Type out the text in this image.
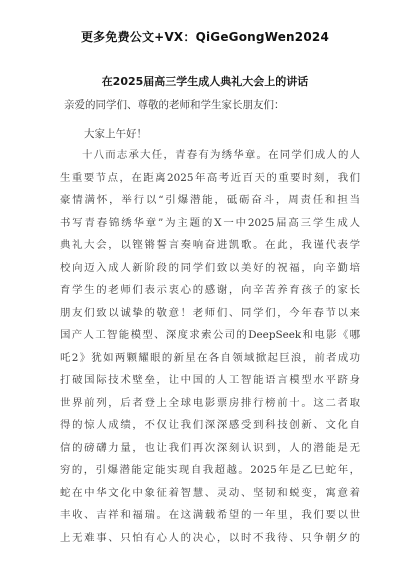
更多免费公文+VX：QiGeGongWen2024
在2025届高三学生成人典礼大会上的讲话
亲爱的同学们、尊敬的老师和学生家长朋友们：
大家上午好！
十八而志承大任，青春有为绣华章。在同学们成人的人
生重要节点，在距离2025年高考近百天的重要时刻，我们
豪情满怀，举行以“引爆潜能，砥砺奋斗，周责任和担当
书写青春锦绣华章”为主题的X一中2025届高三学生成人
典礼大会，以铿锵誓言奏响奋进凯歌。在此，我谨代表学
校向迈入成人新阶段的同学们致以美好的祝福，向辛勤培
育学生的老师们表示衷心的感谢，向辛苦养育孩子的家长
朋友们致以诚挚的敬意！老师们、同学们，今年春节以来
国产人工智能模型、深度求索公司的DeepSeek和电影《哪
吒2》犹如两颗耀眼的新星在各自领域掀起巨浪，前者成功
打破国际技术壁垒，让中国的人工智能语言模型水平跻身
世界前列，后者登上全球电影票房排行榜前十。这二者取
得的惊人成绩，不仅让我们深深感受到科技创新、文化自
信的磅礴力量，也让我们再次深刻认识到，人的潜能是无
穷的，引爆潜能定能实现自我超越。2025年是乙巳蛇年，
蛇在中华文化中象征着智慧、灵动、坚韧和蜕变，寓意着
丰收、吉祥和福瑞。在这满载希望的一年里，我们要以世
上无难事、只怕有心人的决心，以时不我待、只争朝夕的
